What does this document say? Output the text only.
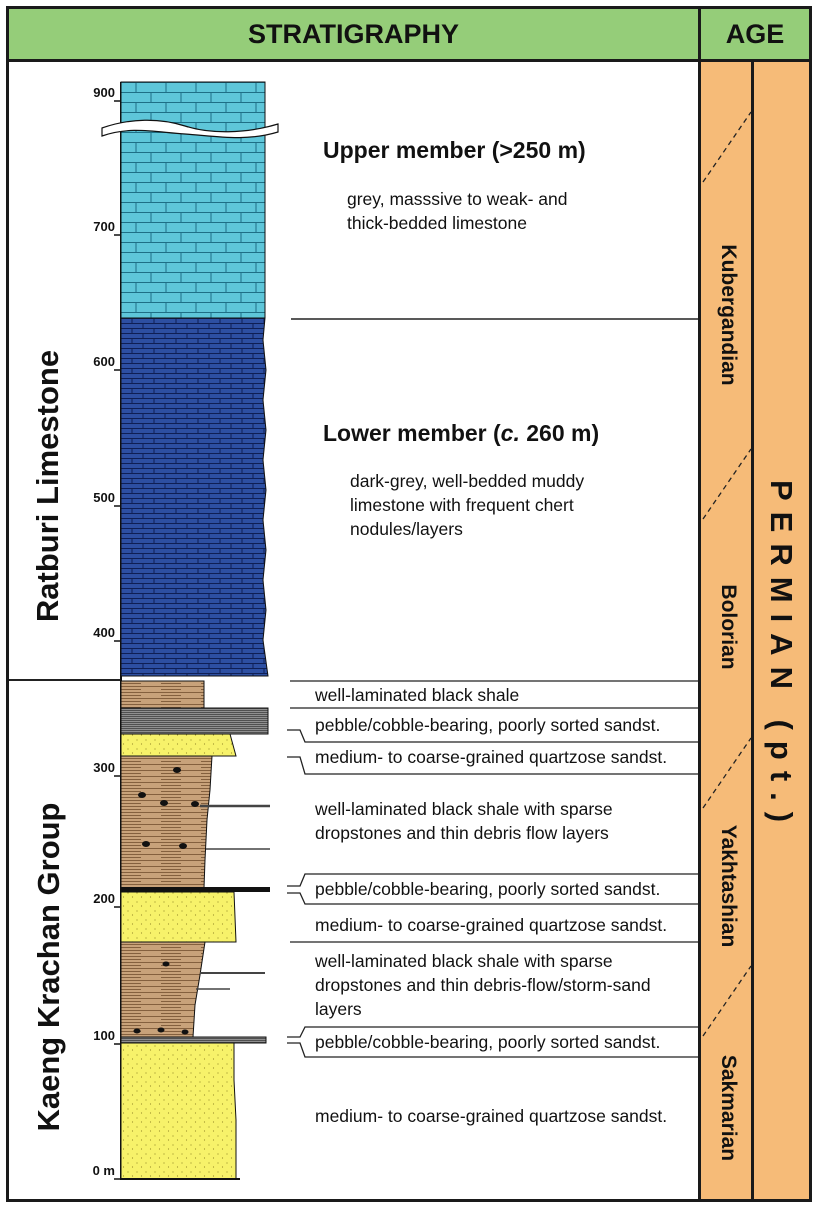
STRATIGRAPHY	AGE
Ratburi Limestone
Kaeng Krachan Group
900
700
600
500
400
300
200
100
0 m
Upper member (>250 m)
grey, masssive to weak- and
thick-bedded limestone
Lower member (c. 260 m)
dark-grey, well-bedded muddy
limestone with frequent chert
nodules/layers
well-laminated black shale
pebble/cobble-bearing, poorly sorted sandst.
medium- to coarse-grained quartzose sandst.
well-laminated black shale with sparse
dropstones and thin debris flow layers
pebble/cobble-bearing, poorly sorted sandst.
medium- to coarse-grained quartzose sandst.
well-laminated black shale with sparse
dropstones and thin debris-flow/storm-sand
layers
pebble/cobble-bearing, poorly sorted sandst.
medium- to coarse-grained quartzose sandst.
Kubergandian
Bolorian
Yakhtashian
Sakmarian
PERMIAN (pt.)
